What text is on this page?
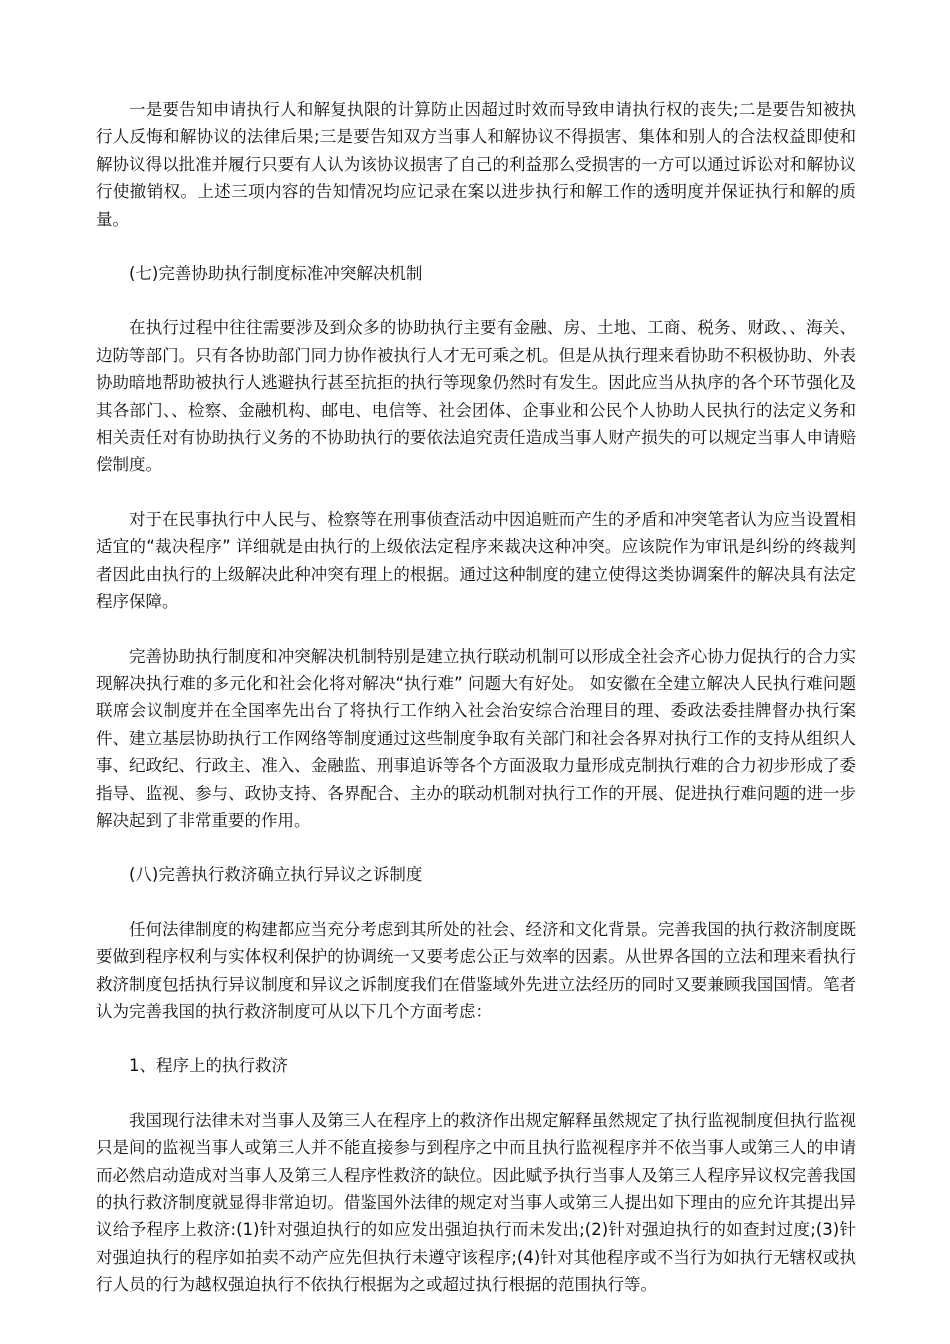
一是要告知申请执行人和解复执限的计算防止因超过时效而导致申请执行权的丧失;二是要告知被执行人反悔和解协议的法律后果;三是要告知双方当事人和解协议不得损害、集体和别人的合法权益即使和解协议得以批准并履行只要有人认为该协议损害了自己的利益那么受损害的一方可以通过诉讼对和解协议行使撤销权。上述三项内容的告知情况均应记录在案以进步执行和解工作的透明度并保证执行和解的质量。

(七)完善协助执行制度标准冲突解决机制

在执行过程中往往需要涉及到众多的协助执行主要有金融、房、土地、工商、税务、财政、、海关、边防等部门。只有各协助部门同力协作被执行人才无可乘之机。但是从执行理来看协助不积极协助、外表协助暗地帮助被执行人逃避执行甚至抗拒的执行等现象仍然时有发生。因此应当从执序的各个环节强化及其各部门、、检察、金融机构、邮电、电信等、社会团体、企事业和公民个人协助人民执行的法定义务和相关责任对有协助执行义务的不协助执行的要依法追究责任造成当事人财产损失的可以规定当事人申请赔偿制度。

对于在民事执行中人民与、检察等在刑事侦查活动中因追赃而产生的矛盾和冲突笔者认为应当设置相适宜的“裁决程序” 详细就是由执行的上级依法定程序来裁决这种冲突。应该院作为审讯是纠纷的终裁判者因此由执行的上级解决此种冲突有理上的根据。通过这种制度的建立使得这类协调案件的解决具有法定程序保障。

完善协助执行制度和冲突解决机制特别是建立执行联动机制可以形成全社会齐心协力促执行的合力实现解决执行难的多元化和社会化将对解决“执行难” 问题大有好处。 如安徽在全建立解决人民执行难问题联席会议制度并在全国率先出台了将执行工作纳入社会治安综合治理目的理、委政法委挂牌督办执行案件、建立基层协助执行工作网络等制度通过这些制度争取有关部门和社会各界对执行工作的支持从组织人事、纪政纪、行政主、准入、金融监、刑事追诉等各个方面汲取力量形成克制执行难的合力初步形成了委指导、监视、参与、政协支持、各界配合、主办的联动机制对执行工作的开展、促进执行难问题的进一步解决起到了非常重要的作用。

(八)完善执行救济确立执行异议之诉制度

任何法律制度的构建都应当充分考虑到其所处的社会、经济和文化背景。完善我国的执行救济制度既要做到程序权利与实体权利保护的协调统一又要考虑公正与效率的因素。从世界各国的立法和理来看执行救济制度包括执行异议制度和异议之诉制度我们在借鉴域外先进立法经历的同时又要兼顾我国国情。笔者认为完善我国的执行救济制度可从以下几个方面考虑：

1、程序上的执行救济

我国现行法律未对当事人及第三人在程序上的救济作出规定解释虽然规定了执行监视制度但执行监视只是间的监视当事人或第三人并不能直接参与到程序之中而且执行监视程序并不依当事人或第三人的申请而必然启动造成对当事人及第三人程序性救济的缺位。因此赋予执行当事人及第三人程序异议权完善我国的执行救济制度就显得非常迫切。借鉴国外法律的规定对当事人或第三人提出如下理由的应允许其提出异议给予程序上救济:(1)针对强迫执行的如应发出强迫执行而未发出;(2)针对强迫执行的如查封过度;(3)针对强迫执行的程序如拍卖不动产应先但执行未遵守该程序;(4)针对其他程序或不当行为如执行无辖权或执行人员的行为越权强迫执行不依执行根据为之或超过执行根据的范围执行等。
